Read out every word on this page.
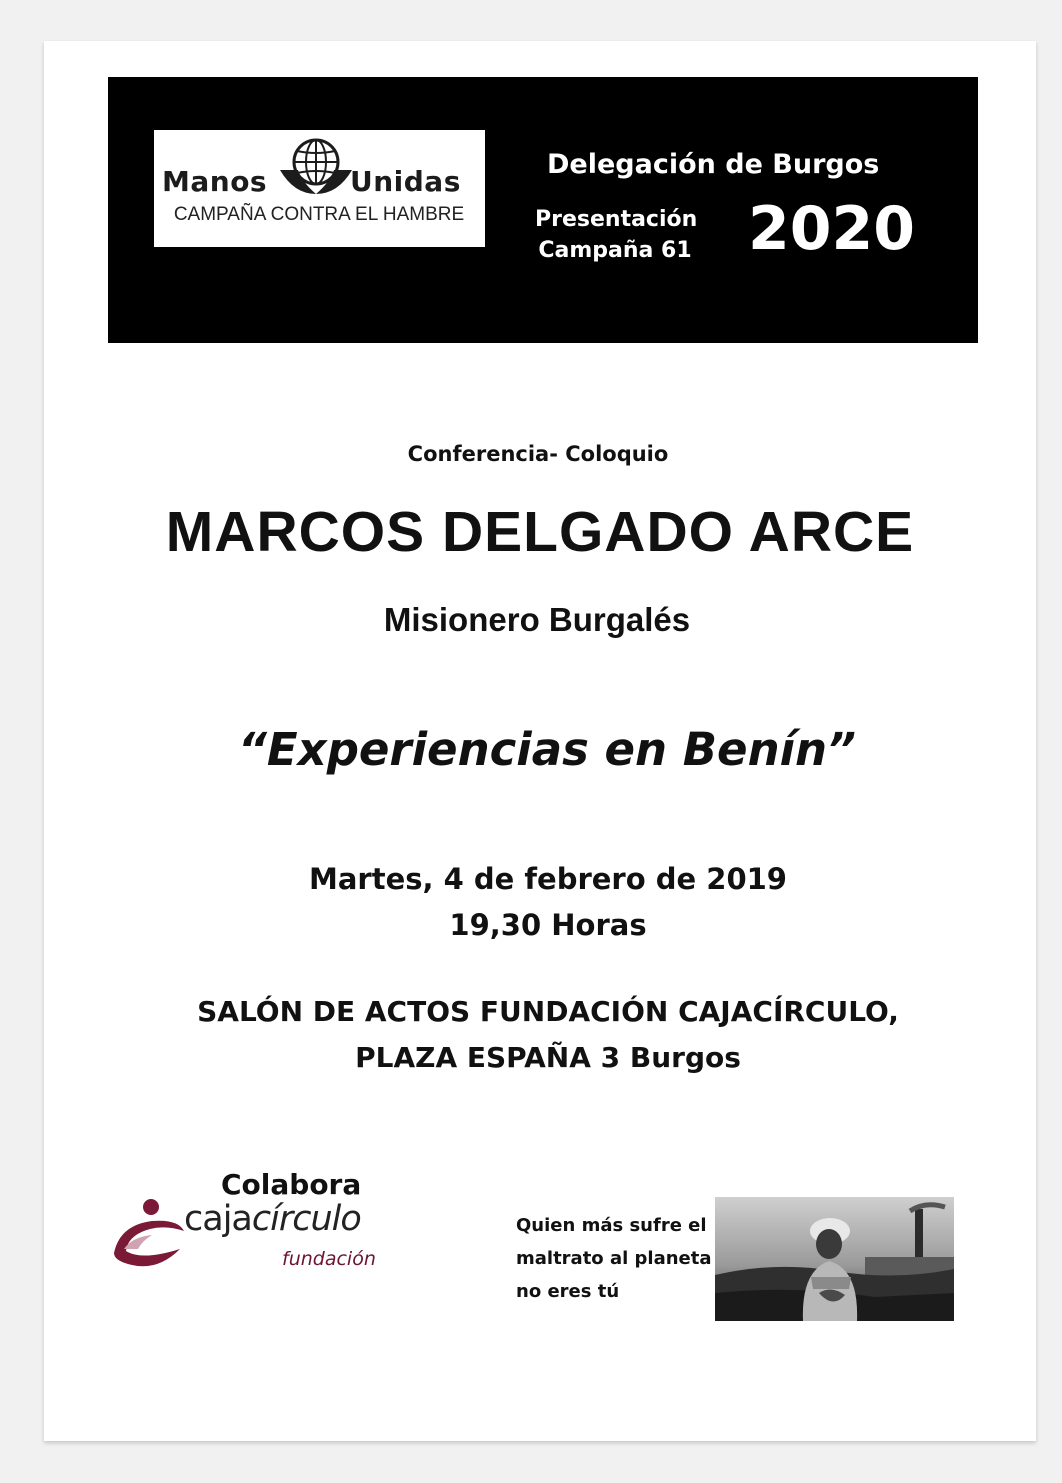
Manos	Unidas
CAMPAÑA CONTRA EL HAMBRE
Delegación de Burgos
Presentación
Campaña 61 2020
Conferencia- Coloquio
MARCOS DELGADO ARCE
Misionero Burgalés
“Experiencias en Benín”
Martes, 4 de febrero de 2019
19,30 Horas
SALÓN DE ACTOS FUNDACIÓN CAJACÍRCULO,
PLAZA ESPAÑA 3 Burgos
Colabora
cajacírculo
fundación
Quien más sufre el
maltrato al planeta
no eres tú
